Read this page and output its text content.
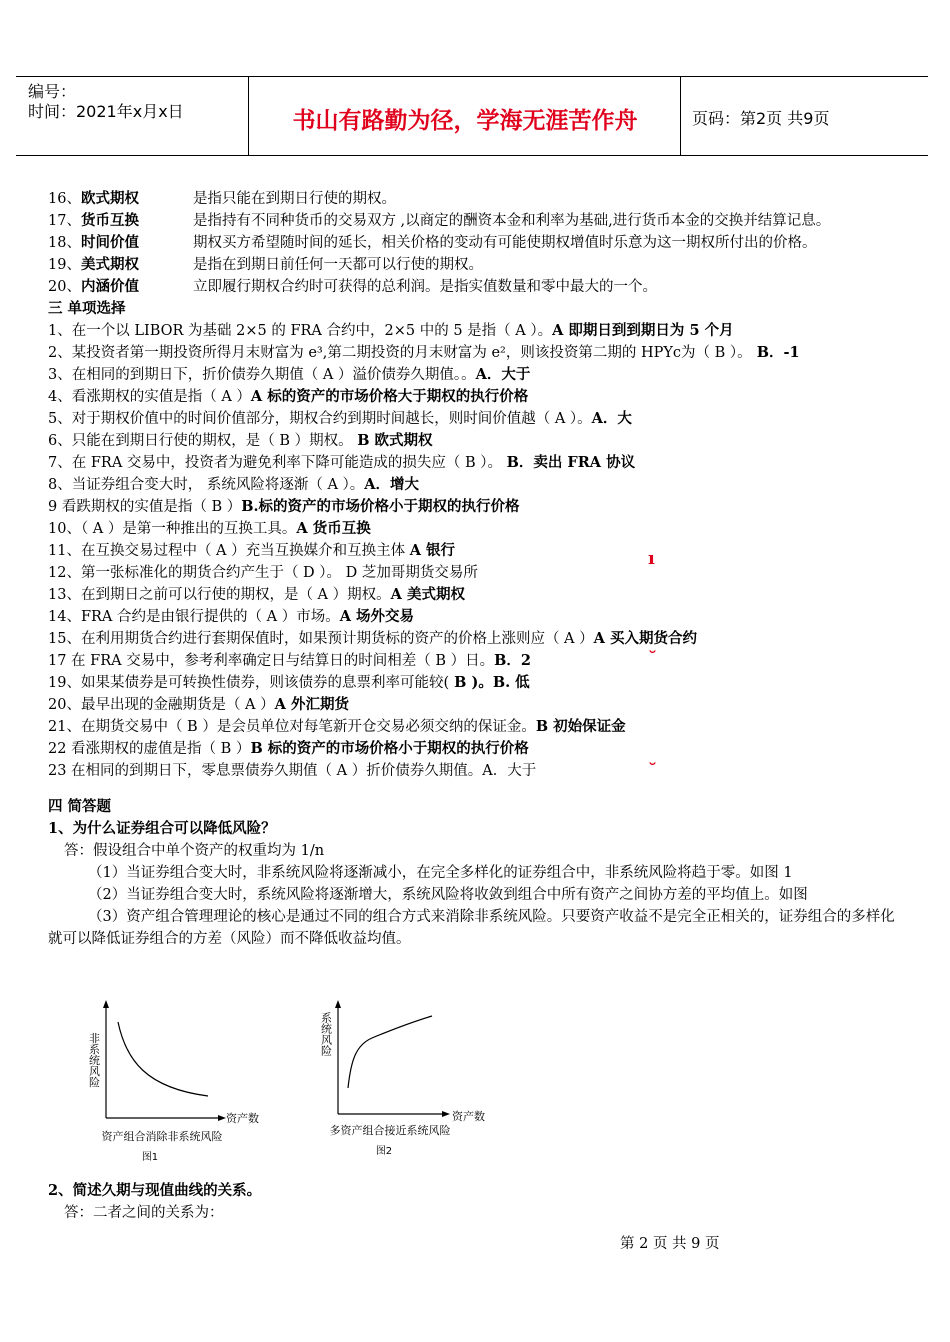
编号：
时间：2021年x月x日	书山有路勤为径，学海无涯苦作舟	页码：第2页 共9页
16、欧式期权	是指只能在到期日行使的期权。
17、货币互换	是指持有不同种货币的交易双方 ,以商定的酬资本金和利率为基础,进行货币本金的交换并结算记息。
18、时间价值	期权买方希望随时间的延长，相关价格的变动有可能使期权增值时乐意为这一期权所付出的价格。
19、美式期权	是指在到期日前任何一天都可以行使的期权。
20、内涵价值	立即履行期权合约时可获得的总利润。是指实值数量和零中最大的一个。
三 单项选择
1、在一个以 LIBOR 为基础 2×5 的 FRA 合约中，2×5 中的 5 是指（ A ）。A 即期日到到期日为 5 个月
2、某投资者第一期投资所得月末财富为 e³,第二期投资的月末财富为 e²，则该投资第二期的 HPYc为（ B ）。 B．-1
3、在相同的到期日下，折价债券久期值（ A ）溢价债券久期值。。A．大于
4、看涨期权的实值是指（ A ）A 标的资产的市场价格大于期权的执行价格
5、对于期权价值中的时间价值部分，期权合约到期时间越长，则时间价值越（ A ）。A．大
6、只能在到期日行使的期权，是（ B ）期权。 B 欧式期权
7、在 FRA 交易中，投资者为避免利率下降可能造成的损失应（ B ）。 B．卖出 FRA 协议
8、当证券组合变大时， 系统风险将逐渐（ A ）。A．增大
9 看跌期权的实值是指（ B ）B.标的资产的市场价格小于期权的执行价格
10、（ A ）是第一种推出的互换工具。A 货币互换
11、在互换交易过程中（ A ）充当互换媒介和互换主体 A 银行
12、第一张标准化的期货合约产生于（ D ）。 D 芝加哥期货交易所
13、在到期日之前可以行使的期权，是（ A ）期权。A 美式期权
14、FRA 合约是由银行提供的（ A ）市场。A 场外交易
15、在利用期货合约进行套期保值时，如果预计期货标的资产的价格上涨则应（ A ）A 买入期货合约
17 在 FRA 交易中，参考利率确定日与结算日的时间相差（ B ）日。B．2
19、如果某债券是可转换性债券，则该债券的息票利率可能较( B )。B. 低
20、最早出现的金融期货是（ A ）A 外汇期货
21、在期货交易中（ B ）是会员单位对每笔新开仓交易必须交纳的保证金。B 初始保证金
22 看涨期权的虚值是指（ B ）B 标的资产的市场价格小于期权的执行价格
23 在相同的到期日下，零息票债券久期值（ A ）折价债券久期值。A．大于
四 简答题
1、为什么证券组合可以降低风险？
答：假设组合中单个资产的权重均为 1/n
（1）当证券组合变大时，非系统风险将逐渐减小，在完全多样化的证券组合中，非系统风险将趋于零。如图 1
（2）当证券组合变大时，系统风险将逐渐增大，系统风险将收敛到组合中所有资产之间协方差的平均值上。如图
（3）资产组合管理理论的核心是通过不同的组合方式来消除非系统风险。只要资产收益不是完全正相关的，证券组合的多样化就可以降低证券组合的方差（风险）而不降低收益均值。
非系统风险
资产数
资产组合消除非系统风险
图1
系统风险
资产数
多资产组合接近系统风险
图2
2、简述久期与现值曲线的关系。
答：二者之间的关系为：
第 2 页 共 9 页
ı
˘
˘
